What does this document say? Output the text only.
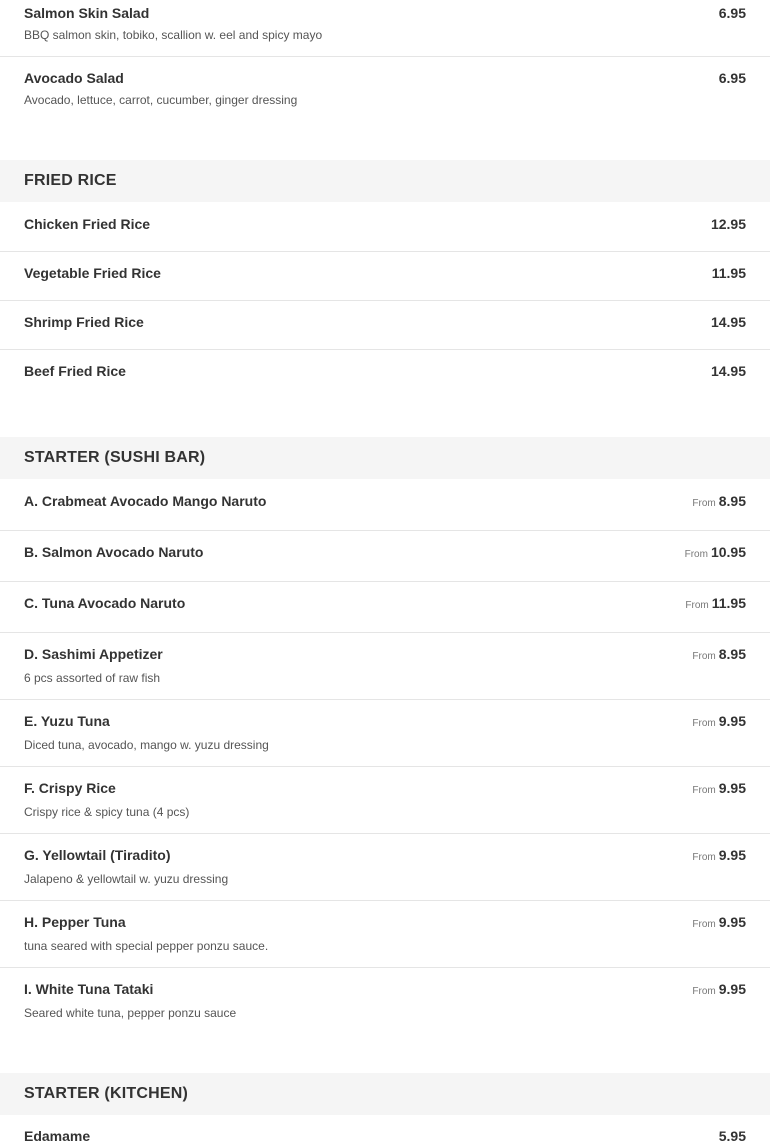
Salmon Skin Salad
BBQ salmon skin, tobiko, scallion w. eel and spicy mayo
6.95
Avocado Salad
Avocado, lettuce, carrot, cucumber, ginger dressing
6.95
FRIED RICE
Chicken Fried Rice	12.95
Vegetable Fried Rice	11.95
Shrimp Fried Rice	14.95
Beef Fried Rice	14.95
STARTER (SUSHI BAR)
A. Crabmeat Avocado Mango Naruto	From 8.95
B. Salmon Avocado Naruto	From 10.95
C. Tuna Avocado Naruto	From 11.95
D. Sashimi Appetizer
6 pcs assorted of raw fish
From 8.95
E. Yuzu Tuna
Diced tuna, avocado, mango w. yuzu dressing
From 9.95
F. Crispy Rice
Crispy rice & spicy tuna (4 pcs)
From 9.95
G. Yellowtail (Tiradito)
Jalapeno & yellowtail w. yuzu dressing
From 9.95
H. Pepper Tuna
tuna seared with special pepper ponzu sauce.
From 9.95
I. White Tuna Tataki
Seared white tuna, pepper ponzu sauce
From 9.95
STARTER (KITCHEN)
Edamame	5.95
